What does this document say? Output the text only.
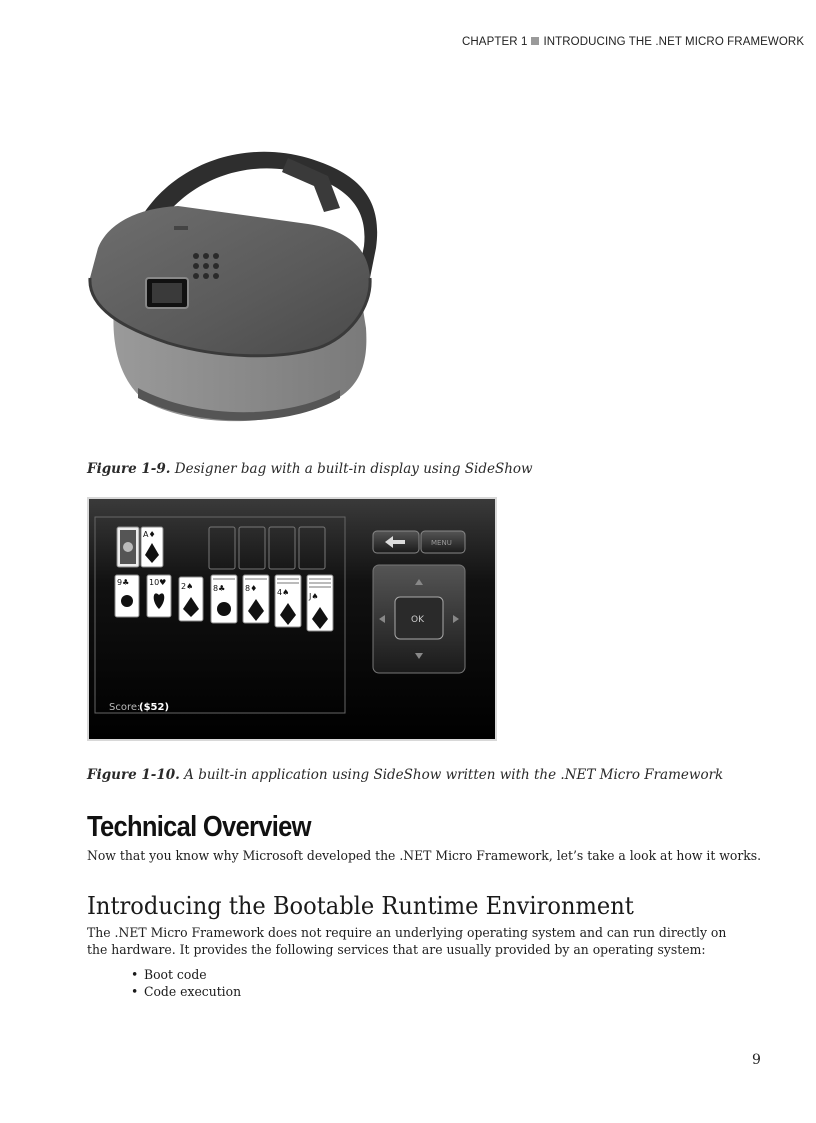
CHAPTER 1 INTRODUCING THE .NET MICRO FRAMEWORK
Figure 1-9. Designer bag with a built-in display using SideShow
A♦
9♣ 10♥ 2♠ 8♣ 8♦ 4♠ J♠
Score:
($52)
MENU
OK
Figure 1-10. A built-in application using SideShow written with the .NET Micro Framework
Technical Overview
Now that you know why Microsoft developed the .NET Micro Framework, let’s take a look at how it works.
Introducing the Bootable Runtime Environment
The .NET Micro Framework does not require an underlying operating system and can run directly on the hardware. It provides the following services that are usually provided by an operating system:
• Boot code
• Code execution
9
